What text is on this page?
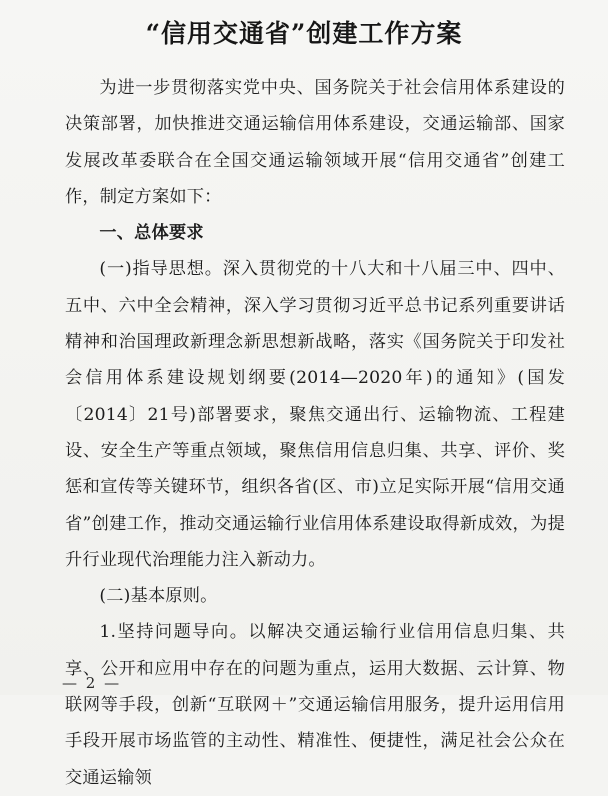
“信用交通省”创建工作方案

为进一步贯彻落实党中央、国务院关于社会信用体系建设的决策部署，加快推进交通运输信用体系建设，交通运输部、国家发展改革委联合在全国交通运输领域开展“信用交通省”创建工作，制定方案如下：

一、总体要求

(一)指导思想。深入贯彻党的十八大和十八届三中、四中、五中、六中全会精神，深入学习贯彻习近平总书记系列重要讲话精神和治国理政新理念新思想新战略，落实《国务院关于印发社会信用体系建设规划纲要(2014—2020年)的通知》(国发〔2014〕21号)部署要求，聚焦交通出行、运输物流、工程建设、安全生产等重点领域，聚焦信用信息归集、共享、评价、奖惩和宣传等关键环节，组织各省(区、市)立足实际开展“信用交通省”创建工作，推动交通运输行业信用体系建设取得新成效，为提升行业现代治理能力注入新动力。

(二)基本原则。

1.坚持问题导向。以解决交通运输行业信用信息归集、共享、公开和应用中存在的问题为重点，运用大数据、云计算、物联网等手段，创新“互联网＋”交通运输信用服务，提升运用信用手段开展市场监管的主动性、精准性、便捷性，满足社会公众在交通运输领

— 2 —
